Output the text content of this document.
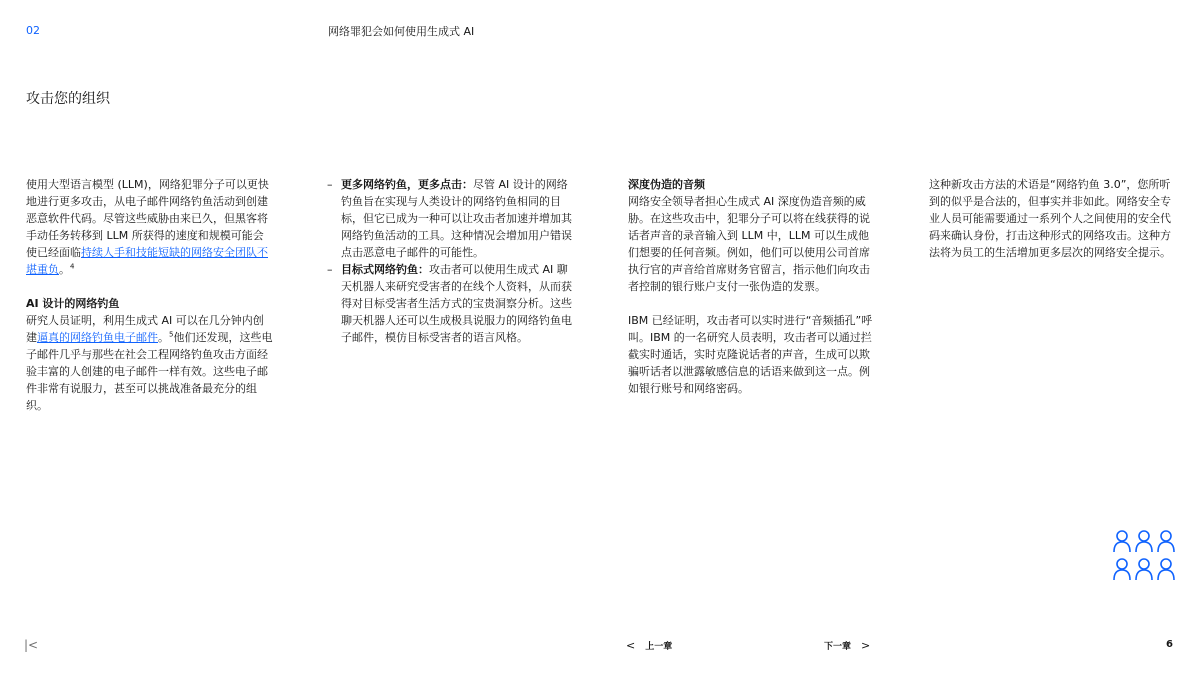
02	网络罪犯会如何使用生成式 AI
攻击您的组织

使用大型语言模型 (LLM)，网络犯罪分子可以更快地进行更多攻击，从电子邮件网络钓鱼活动到创建恶意软件代码。尽管这些威胁由来已久，但黑客将手动任务转移到 LLM 所获得的速度和规模可能会使已经面临持续人手和技能短缺的网络安全团队不堪重负。$^4$

AI 设计的网络钓鱼

研究人员证明，利用生成式 AI 可以在几分钟内创建逼真的网络钓鱼电子邮件。$^5$他们还发现，这些电子邮件几乎与那些在社会工程网络钓鱼攻击方面经验丰富的人创建的电子邮件一样有效。这些电子邮件非常有说服力，甚至可以挑战准备最充分的组织。

– 更多网络钓鱼，更多点击：尽管 AI 设计的网络钓鱼旨在实现与人类设计的网络钓鱼相同的目标，但它已成为一种可以让攻击者加速并增加其网络钓鱼活动的工具。这种情况会增加用户错误点击恶意电子邮件的可能性。
– 目标式网络钓鱼：攻击者可以使用生成式 AI 聊天机器人来研究受害者的在线个人资料，从而获得对目标受害者生活方式的宝贵洞察分析。这些聊天机器人还可以生成极具说服力的网络钓鱼电子邮件，模仿目标受害者的语言风格。
深度伪造的音频

网络安全领导者担心生成式 AI 深度伪造音频的威胁。在这些攻击中，犯罪分子可以将在线获得的说话者声音的录音输入到 LLM 中，LLM 可以生成他们想要的任何音频。例如，他们可以使用公司首席执行官的声音给首席财务官留言，指示他们向攻击者控制的银行账户支付一张伪造的发票。

IBM 已经证明，攻击者可以实时进行“音频插孔”呼叫。IBM 的一名研究人员表明，攻击者可以通过拦截实时通话，实时克隆说话者的声音，生成可以欺骗听话者以泄露敏感信息的话语来做到这一点。例如银行账号和网络密码。

这种新攻击方法的术语是“网络钓鱼 3.0”，您所听到的似乎是合法的，但事实并非如此。网络安全专业人员可能需要通过一系列个人之间使用的安全代码来确认身份，打击这种形式的网络攻击。这种方法将为员工的生活增加更多层次的网络安全提示。

|<	< 上一章	下一章 >	6
